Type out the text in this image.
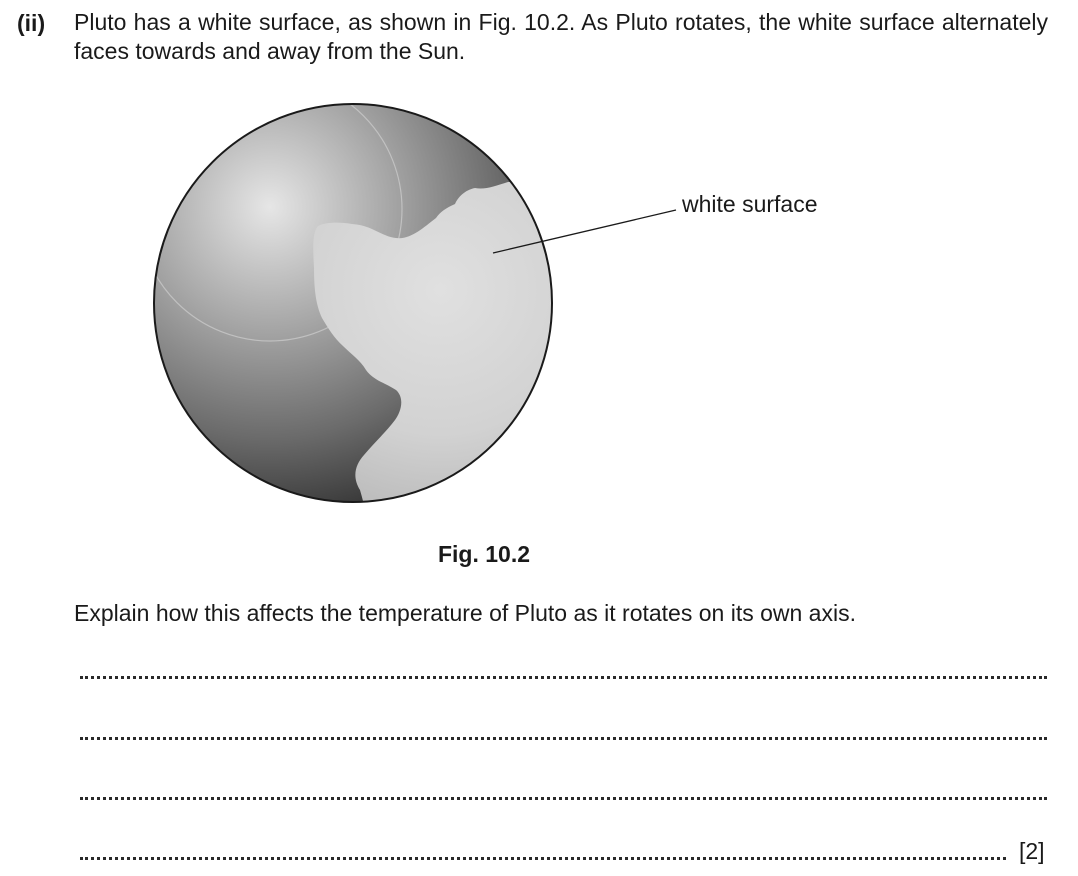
(ii) Pluto has a white surface, as shown in Fig. 10.2. As Pluto rotates, the white surface alternately faces towards and away from the Sun.
white surface
Fig. 10.2
Explain how this affects the temperature of Pluto as it rotates on its own axis.
[2]
